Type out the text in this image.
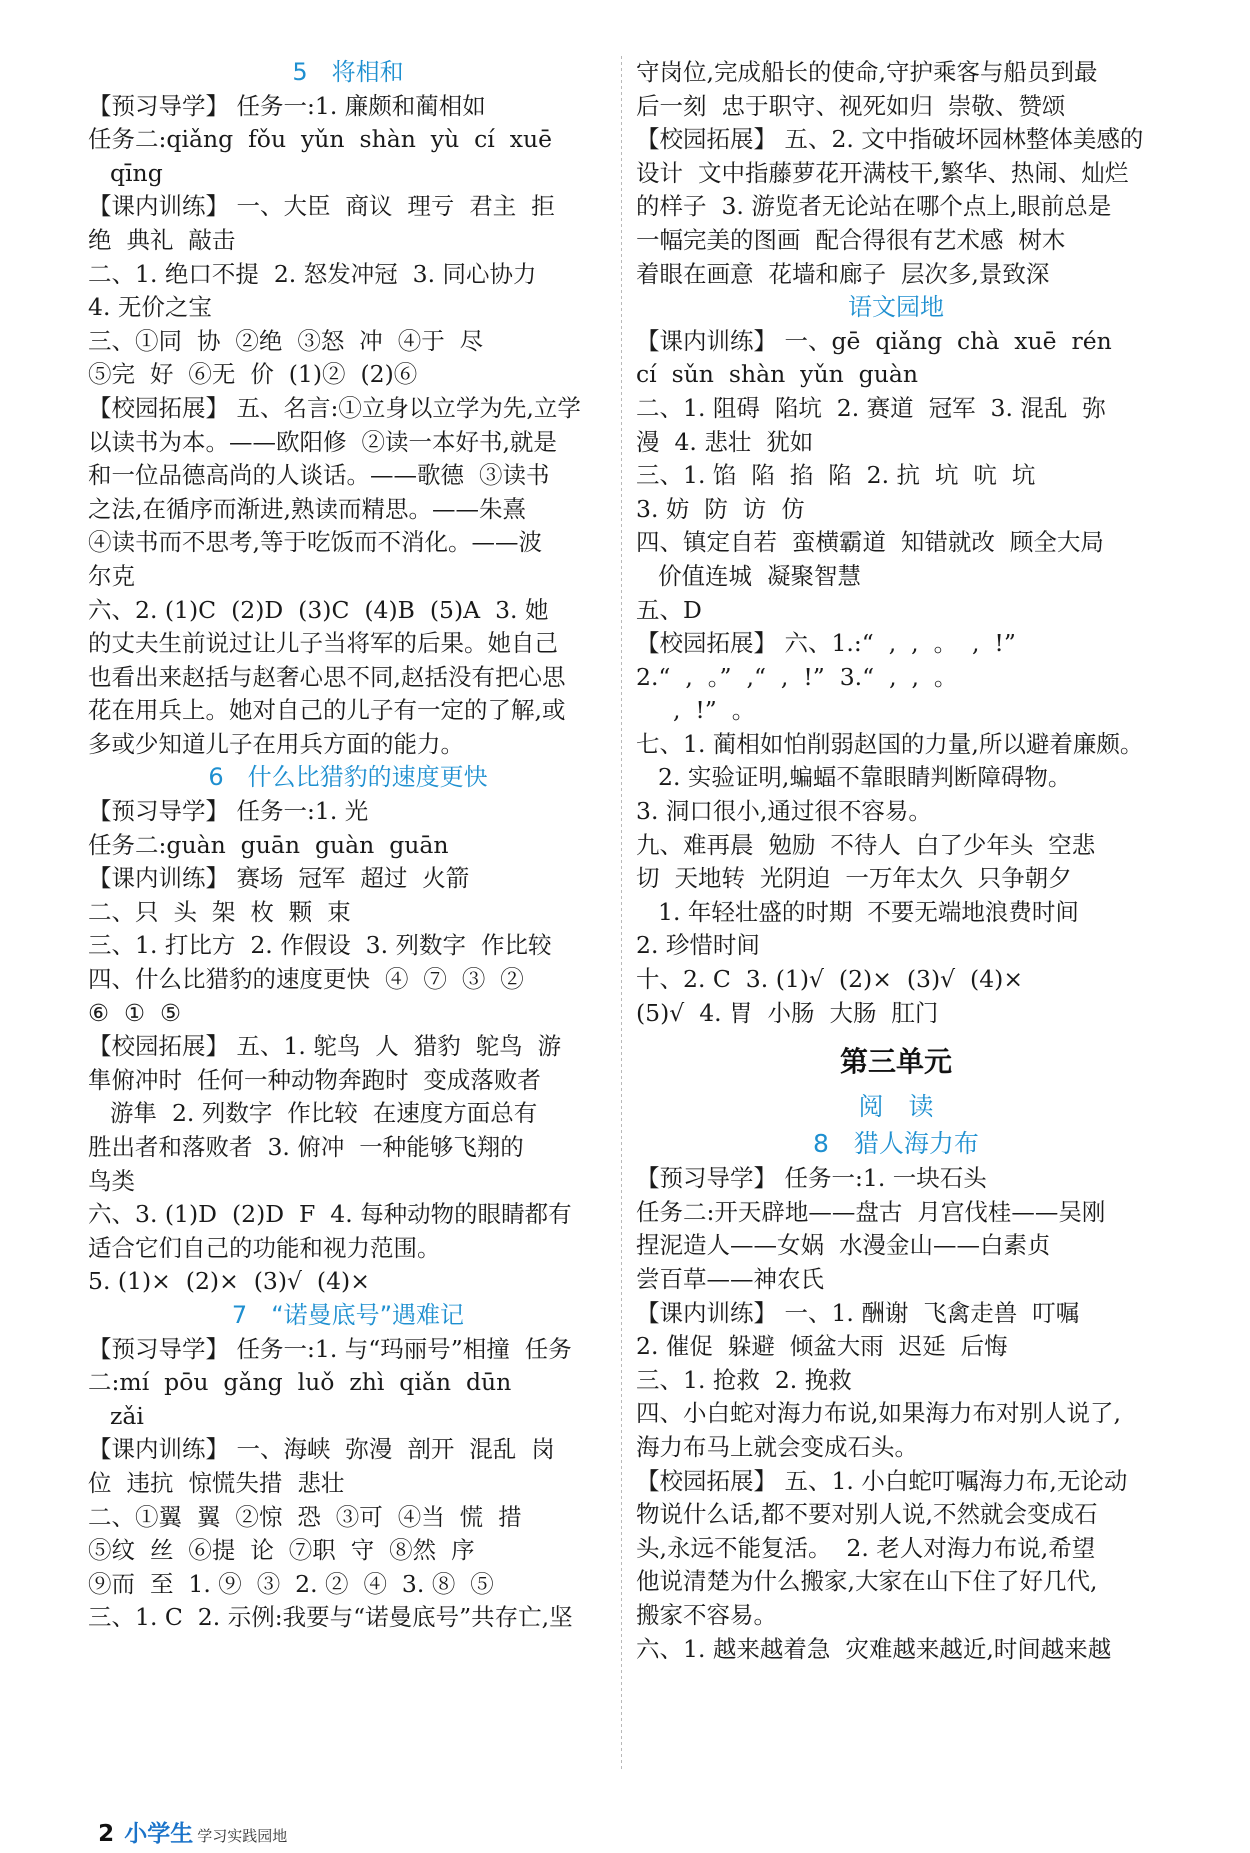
5　将相和
【预习导学】 任务一:1. 廉颇和蔺相如
任务二:qiǎng  fǒu  yǔn  shàn  yù  cí  xuē
qīng
【课内训练】 一、大臣  商议  理亏  君主  拒
绝  典礼  敲击
二、1. 绝口不提  2. 怒发冲冠  3. 同心协力
4. 无价之宝
三、①同  协  ②绝  ③怒  冲  ④于  尽
⑤完  好  ⑥无  价  (1)②  (2)⑥
【校园拓展】 五、名言:①立身以立学为先,立学
以读书为本。——欧阳修  ②读一本好书,就是
和一位品德高尚的人谈话。——歌德  ③读书
之法,在循序而渐进,熟读而精思。——朱熹
④读书而不思考,等于吃饭而不消化。——波
尔克
六、2. (1)C  (2)D  (3)C  (4)B  (5)A  3. 她
的丈夫生前说过让儿子当将军的后果。她自己
也看出来赵括与赵奢心思不同,赵括没有把心思
花在用兵上。她对自己的儿子有一定的了解,或
多或少知道儿子在用兵方面的能力。
6　什么比猎豹的速度更快
【预习导学】 任务一:1. 光
任务二:guàn  guān  guàn  guān
【课内训练】 赛场  冠军  超过  火箭
二、只  头  架  枚  颗  束
三、1. 打比方  2. 作假设  3. 列数字  作比较
四、什么比猎豹的速度更快  ④  ⑦  ③  ②
⑥  ①  ⑤
【校园拓展】 五、1. 鸵鸟  人  猎豹  鸵鸟  游
隼俯冲时  任何一种动物奔跑时  变成落败者
游隼  2. 列数字  作比较  在速度方面总有
胜出者和落败者  3. 俯冲  一种能够飞翔的
鸟类
六、3. (1)D  (2)D  F  4. 每种动物的眼睛都有
适合它们自己的功能和视力范围。
5. (1)×  (2)×  (3)√  (4)×
7　“诺曼底号”遇难记
【预习导学】 任务一:1. 与“玛丽号”相撞  任务
二:mí  pōu  gǎng  luǒ  zhì  qiǎn  dūn
zǎi
【课内训练】 一、海峡  弥漫  剖开  混乱  岗
位  违抗  惊慌失措  悲壮
二、①翼  翼  ②惊  恐  ③可  ④当  慌  措
⑤纹  丝  ⑥提  论  ⑦职  守  ⑧然  序
⑨而  至  1. ⑨  ③  2. ②  ④  3. ⑧  ⑤
三、1. C  2. 示例:我要与“诺曼底号”共存亡,坚
守岗位,完成船长的使命,守护乘客与船员到最
后一刻  忠于职守、视死如归  崇敬、赞颂
【校园拓展】 五、2. 文中指破坏园林整体美感的
设计  文中指藤萝花开满枝干,繁华、热闹、灿烂
的样子  3. 游览者无论站在哪个点上,眼前总是
一幅完美的图画  配合得很有艺术感  树木
着眼在画意  花墙和廊子  层次多,景致深
语文园地
【课内训练】 一、gē  qiǎng  chà  xuē  rén
cí  sǔn  shàn  yǔn  guàn
二、1. 阻碍  陷坑  2. 赛道  冠军  3. 混乱  弥
漫  4. 悲壮  犹如
三、1. 馅  陷  掐  陷  2. 抗  坑  吭  坑
3. 妨  防  访  仿
四、镇定自若  蛮横霸道  知错就改  顾全大局
价值连城  凝聚智慧
五、D
【校园拓展】 六、1.:“  ,  ,  。  ,  !”
2.“  ,  。”  ,“  ,  !”  3.“  ,  ,  。
,  !”  。
七、1. 蔺相如怕削弱赵国的力量,所以避着廉颇。
2. 实验证明,蝙蝠不靠眼睛判断障碍物。
3. 洞口很小,通过很不容易。
九、难再晨  勉励  不待人  白了少年头  空悲
切  天地转  光阴迫  一万年太久  只争朝夕
1. 年轻壮盛的时期  不要无端地浪费时间
2. 珍惜时间
十、2. C  3. (1)√  (2)×  (3)√  (4)×
(5)√  4. 胃  小肠  大肠  肛门
第三单元
阅　读
8　猎人海力布
【预习导学】 任务一:1. 一块石头
任务二:开天辟地——盘古  月宫伐桂——吴刚
捏泥造人——女娲  水漫金山——白素贞
尝百草——神农氏
【课内训练】 一、1. 酬谢  飞禽走兽  叮嘱
2. 催促  躲避  倾盆大雨  迟延  后悔
三、1. 抢救  2. 挽救
四、小白蛇对海力布说,如果海力布对别人说了,
海力布马上就会变成石头。
【校园拓展】 五、1. 小白蛇叮嘱海力布,无论动
物说什么话,都不要对别人说,不然就会变成石
头,永远不能复活。  2. 老人对海力布说,希望
他说清楚为什么搬家,大家在山下住了好几代,
搬家不容易。
六、1. 越来越着急  灾难越来越近,时间越来越

2 小学生 学习实践园地
